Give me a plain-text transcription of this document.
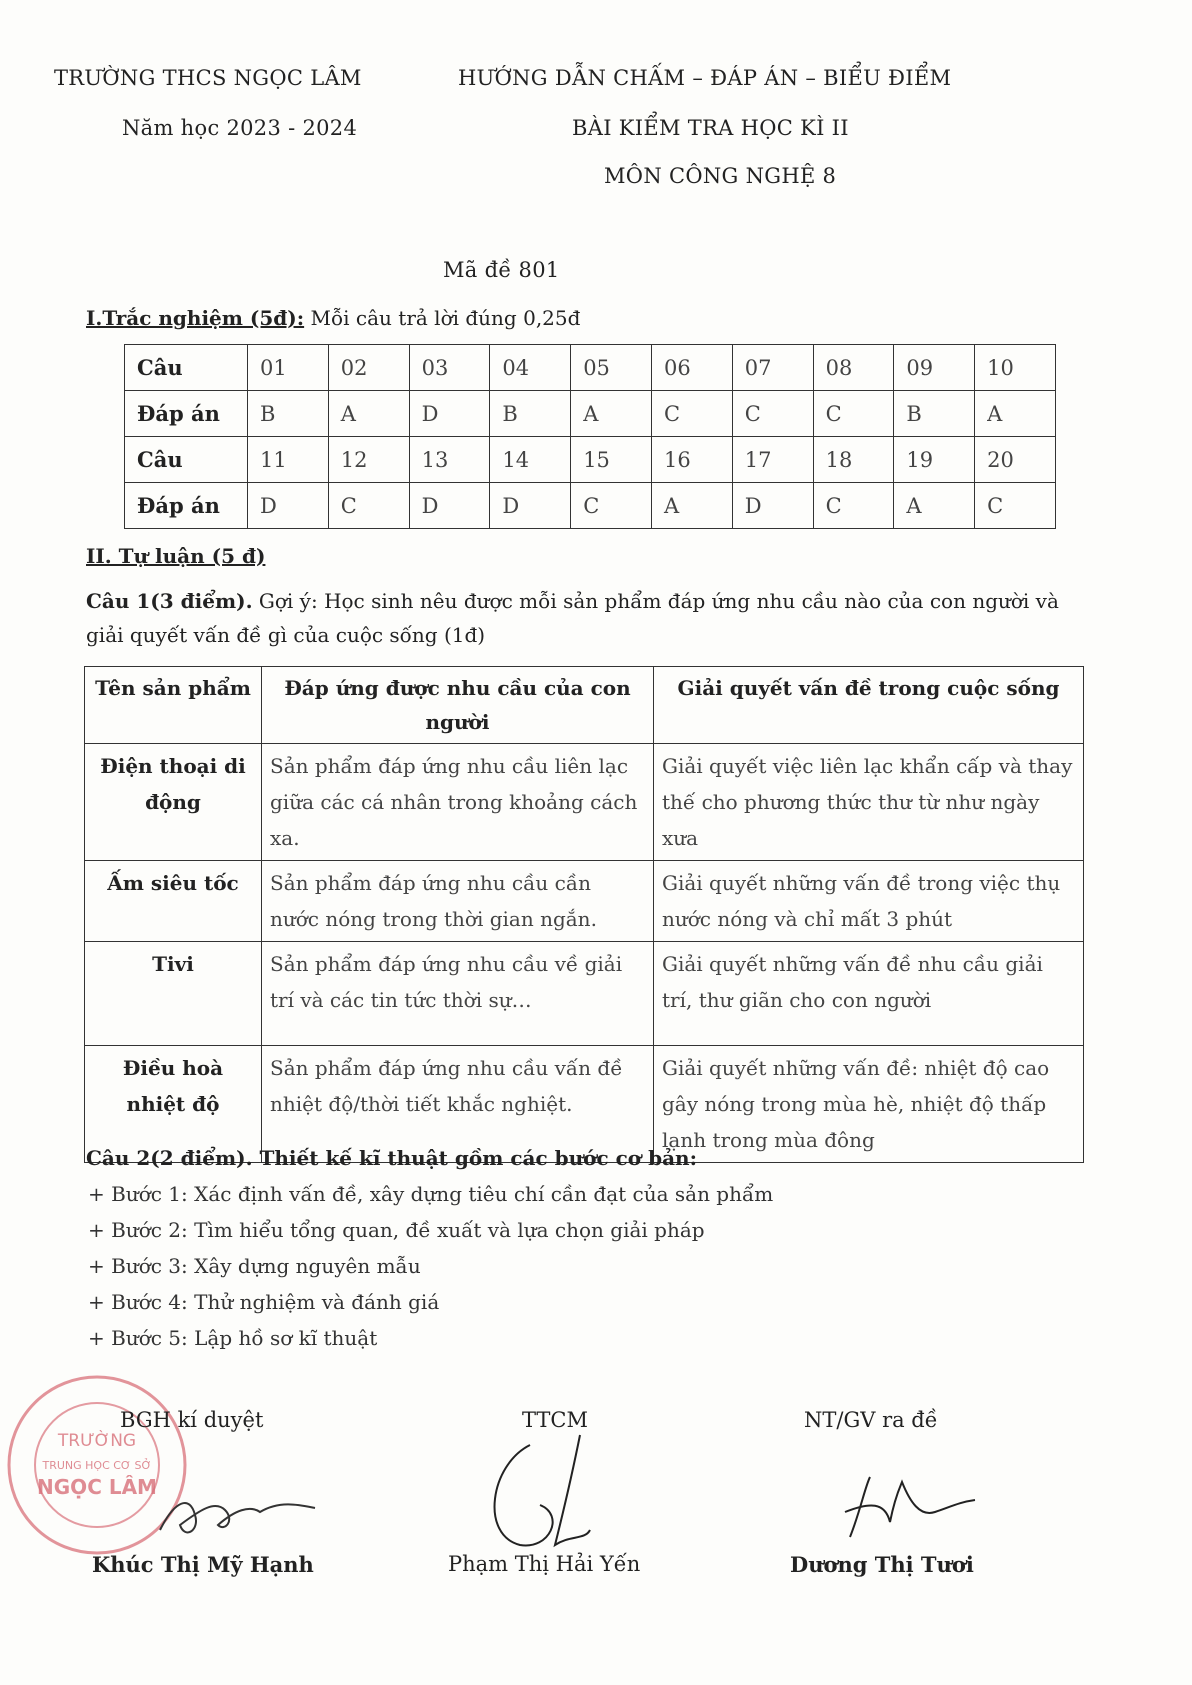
TRƯỜNG THCS NGỌC LÂM
Năm học 2023 - 2024
HƯỚNG DẪN CHẤM – ĐÁP ÁN – BIỂU ĐIỂM
BÀI KIỂM TRA HỌC KÌ II
MÔN CÔNG NGHỆ 8
Mã đề 801
I.Trắc nghiệm (5đ): Mỗi câu trả lời đúng 0,25đ
Câu	01	02	03	04	05	06	07	08	09	10
Đáp án	B	A	D	B	A	C	C	C	B	A
Câu	11	12	13	14	15	16	17	18	19	20
Đáp án	D	C	D	D	C	A	D	C	A	C
II. Tự luận (5 đ)
Câu 1(3 điểm). Gợi ý: Học sinh nêu được mỗi sản phẩm đáp ứng nhu cầu nào của con người và giải quyết vấn đề gì của cuộc sống (1đ)
Tên sản phẩm	Đáp ứng được nhu cầu của con người	Giải quyết vấn đề trong cuộc sống
Điện thoại di động	Sản phẩm đáp ứng nhu cầu liên lạc giữa các cá nhân trong khoảng cách xa.	Giải quyết việc liên lạc khẩn cấp và thay thế cho phương thức thư từ như ngày xưa
Ấm siêu tốc	Sản phẩm đáp ứng nhu cầu cần nước nóng trong thời gian ngắn.	Giải quyết những vấn đề trong việc thụ nước nóng và chỉ mất 3 phút
Tivi	Sản phẩm đáp ứng nhu cầu về giải trí và các tin tức thời sự…	Giải quyết những vấn đề nhu cầu giải trí, thư giãn cho con người
Điều hoà nhiệt độ	Sản phẩm đáp ứng nhu cầu vấn đề nhiệt độ/thời tiết khắc nghiệt.	Giải quyết những vấn đề: nhiệt độ cao gây nóng trong mùa hè, nhiệt độ thấp lạnh trong mùa đông
Câu 2(2 điểm). Thiết kế kĩ thuật gồm các bước cơ bản:
+ Bước 1: Xác định vấn đề, xây dựng tiêu chí cần đạt của sản phẩm
+ Bước 2: Tìm hiểu tổng quan, đề xuất và lựa chọn giải pháp
+ Bước 3: Xây dựng nguyên mẫu
+ Bước 4: Thử nghiệm và đánh giá
+ Bước 5: Lập hồ sơ kĩ thuật
TRƯỜNG
TRUNG HỌC CƠ SỞ
NGỌC LÂM
BGH kí duyệt	TTCM	NT/GV ra đề
Khúc Thị Mỹ Hạnh	Phạm Thị Hải Yến	Dương Thị Tươi
